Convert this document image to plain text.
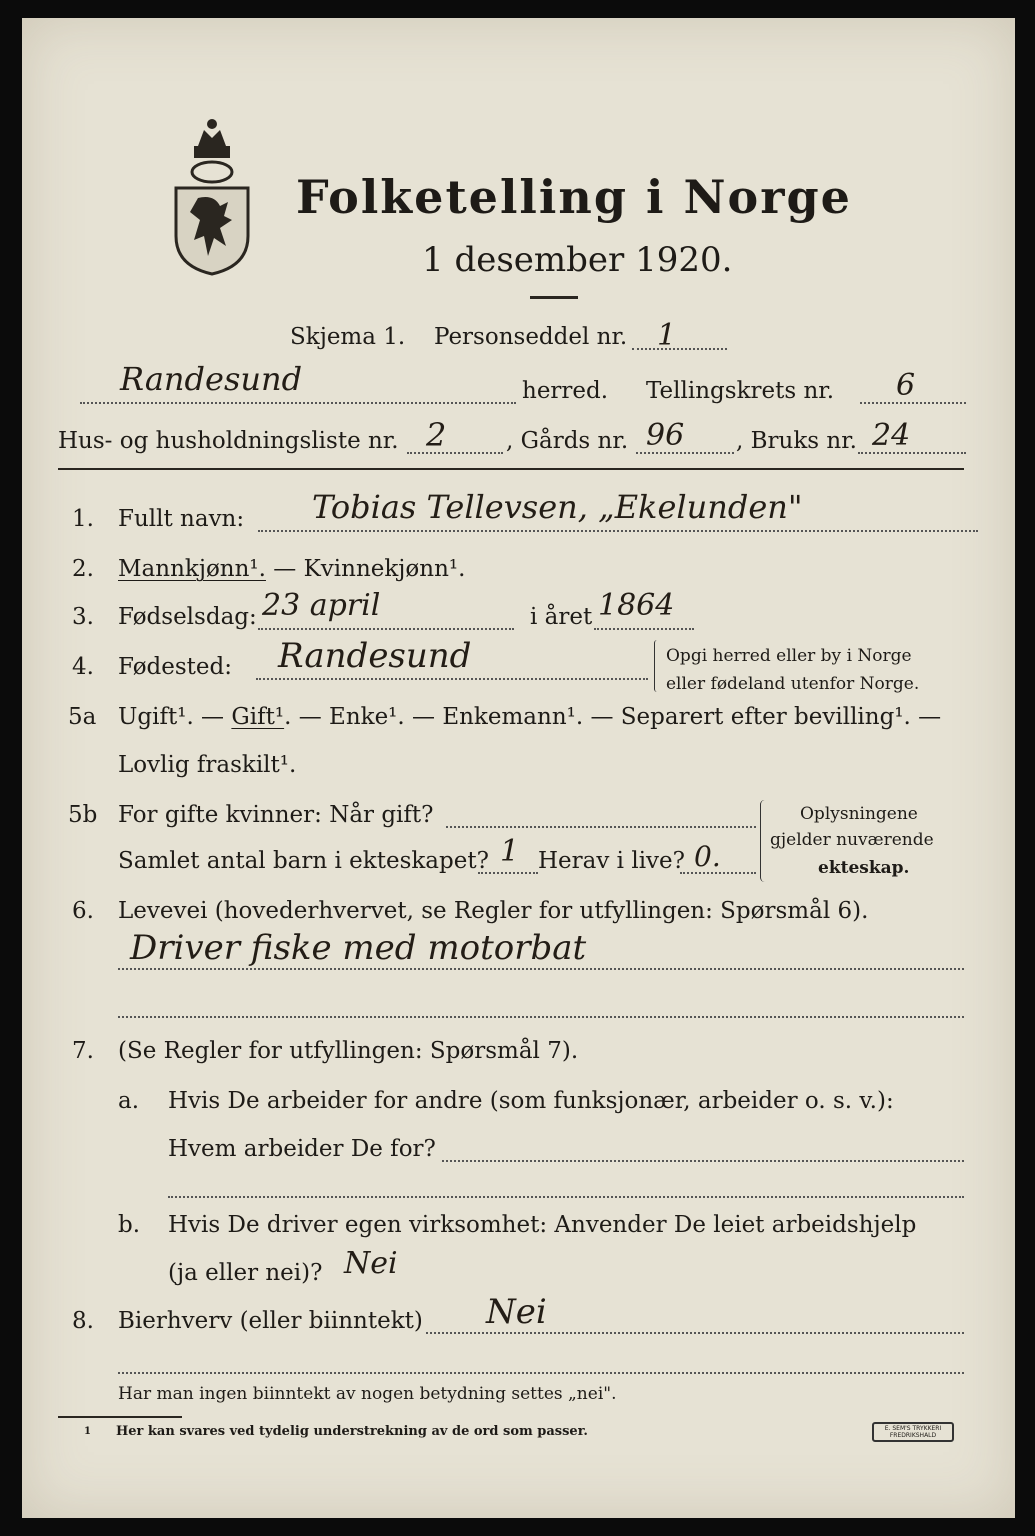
Folketelling i Norge
1 desember 1920.
Skjema 1. Personseddel nr. 1
Randesund	herred. Tellingskrets nr. 6
Hus- og husholdningsliste nr. 2	, Gårds nr. 96 , Bruks nr. 24
1. Fullt navn: Tobias Tellevsen, „Ekelunden"
2. Mannkjønn¹. — Kvinnekjønn¹.
3. Fødselsdag: 23 april	i året 1864
4. Fødested: Randesund	Opgi herred eller by i Norge
eller fødeland utenfor Norge.
5a Ugift¹. — Gift¹. — Enke¹. — Enkemann¹. — Separert efter bevilling¹. —
Lovlig fraskilt¹.
5b For gifte kvinner: Når gift?
Samlet antal barn i ekteskapet? 1 Herav i live? 0.
Oplysningene
gjelder nuværende
ekteskap.
6. Levevei (hovederhvervet, se Regler for utfyllingen: Spørsmål 6).
Driver fiske med motorbat
7. (Se Regler for utfyllingen: Spørsmål 7).
a. Hvis De arbeider for andre (som funksjonær, arbeider o. s. v.):
Hvem arbeider De for?
b. Hvis De driver egen virksomhet: Anvender De leiet arbeidshjelp
(ja eller nei)? Nei
8. Bierhverv (eller biinntekt) Nei
Har man ingen biinntekt av nogen betydning settes „nei".
1 Her kan svares ved tydelig understrekning av de ord som passer.	E. SEM'S TRYKKERI FREDRIKSHALD
